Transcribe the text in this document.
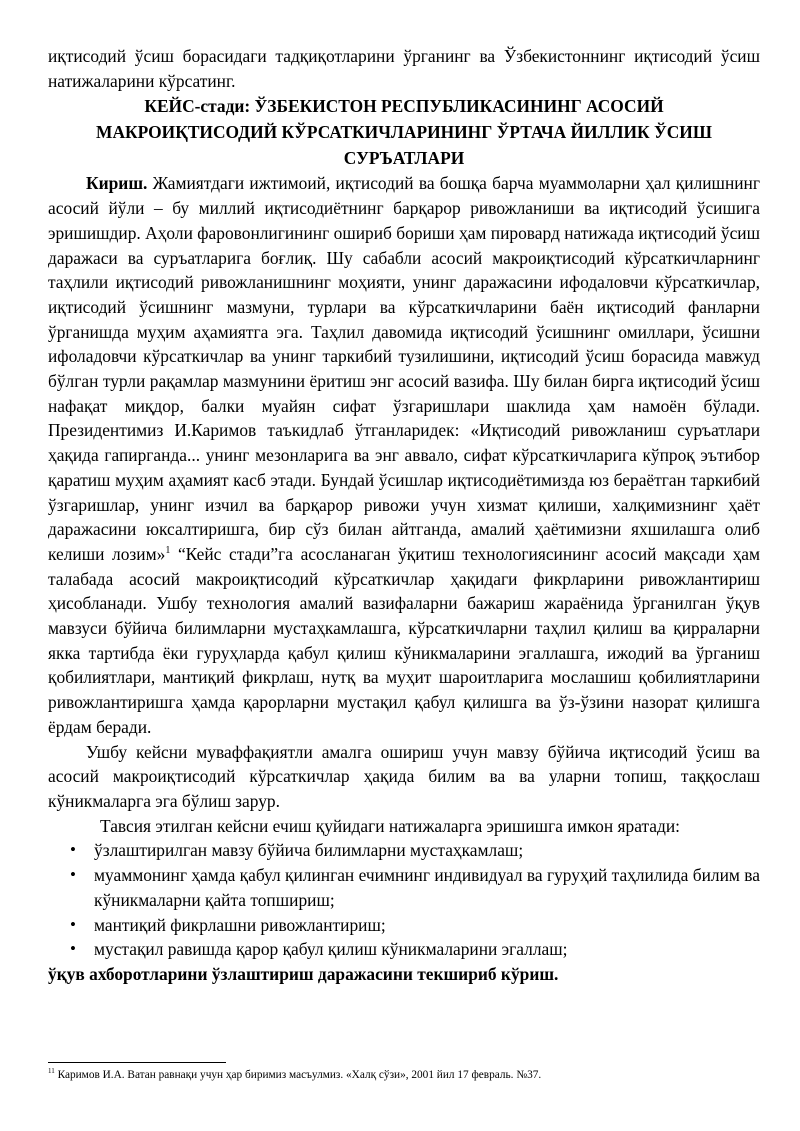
иқтисодий ўсиш борасидаги тадқиқотларини ўрганинг ва Ўзбекистоннинг иқтисодий ўсиш натижаларини кўрсатинг.

КЕЙС-стади: ЎЗБЕКИСТОН РЕСПУБЛИКАСИНИНГ АСОСИЙ МАКРОИҚТИСОДИЙ КЎРСАТКИЧЛАРИНИНГ ЎРТАЧА ЙИЛЛИК ЎСИШ СУРЪАТЛАРИ

Кириш. Жамиятдаги ижтимоий, иқтисодий ва бошқа барча муаммоларни ҳал қилишнинг асосий йўли – бу миллий иқтисодиётнинг барқарор ривожланиши ва иқтисодий ўсишига эришишдир. Аҳоли фаровонлигининг ошириб бориши ҳам пировард натижада иқтисодий ўсиш даражаси ва суръатларига боғлиқ. Шу сабабли асосий макроиқтисодий кўрсаткичларнинг таҳлили иқтисодий ривожланишнинг моҳияти, унинг даражасини ифодаловчи кўрсаткичлар, иқтисодий ўсишнинг мазмуни, турлари ва кўрсаткичларини баён иқтисодий фанларни ўрганишда муҳим аҳамиятга эга. Таҳлил давомида иқтисодий ўсишнинг омиллари, ўсишни ифоладовчи кўрсаткичлар ва унинг таркибий тузилишини, иқтисодий ўсиш борасида мавжуд бўлган турли рақамлар мазмунини ёритиш энг асосий вазифа. Шу билан бирга иқтисодий ўсиш нафақат миқдор, балки муайян сифат ўзгаришлари шаклида ҳам намоён бўлади. Президентимиз И.Каримов таъкидлаб ўтганларидек: «Иқтисодий ривожланиш суръатлари ҳақида гапирганда... унинг мезонларига ва энг аввало, сифат кўрсаткичларига кўпроқ эътибор қаратиш муҳим аҳамият касб этади. Бундай ўсишлар иқтисодиётимизда юз бераётган таркибий ўзгаришлар, унинг изчил ва барқарор ривожи учун хизмат қилиши, халқимизнинг ҳаёт даражасини юксалтиришга, бир сўз билан айтганда, амалий ҳаётимизни яхшилашга олиб келиши лозим»$^1$ “Кейс стади”га асосланаган ўқитиш технологиясининг асосий мақсади ҳам талабада асосий макроиқтисодий кўрсаткичлар ҳақидаги фикрларини ривожлантириш ҳисобланади. Ушбу технология амалий вазифаларни бажариш жараёнида ўрганилган ўқув мавзуси бўйича билимларни мустаҳкамлашга, кўрсаткичларни таҳлил қилиш ва қирраларни якка тартибда ёки гуруҳларда қабул қилиш кўникмаларини эгаллашга, ижодий ва ўрганиш қобилиятлари, мантиқий фикрлаш, нутқ ва муҳит шароитларига мослашиш қобилиятларини ривожлантиришга ҳамда қарорларни мустақил қабул қилишга ва ўз-ўзини назорат қилишга ёрдам беради.

Ушбу кейсни муваффақиятли амалга ошириш учун мавзу бўйича иқтисодий ўсиш ва асосий макроиқтисодий кўрсаткичлар ҳақида билим ва ва уларни топиш, таққослаш кўникмаларга эга бўлиш зарур.

Тавсия этилган кейсни ечиш қуйидаги натижаларга эришишга имкон яратади:

• ўзлаштирилган мавзу бўйича билимларни мустаҳкамлаш;
• муаммонинг ҳамда қабул қилинган ечимнинг индивидуал ва гуруҳий таҳлилида билим ва кўникмаларни қайта топшириш;
• мантиқий фикрлашни ривожлантириш;
• мустақил равишда қарор қабул қилиш кўникмаларини эгаллаш;

ўқув ахборотларини ўзлаштириш даражасини текшириб кўриш.

$^{11}$ Каримов И.А. Ватан равнақи учун ҳар биримиз масъулмиз. «Халқ сўзи», 2001 йил 17 февраль. №37.
